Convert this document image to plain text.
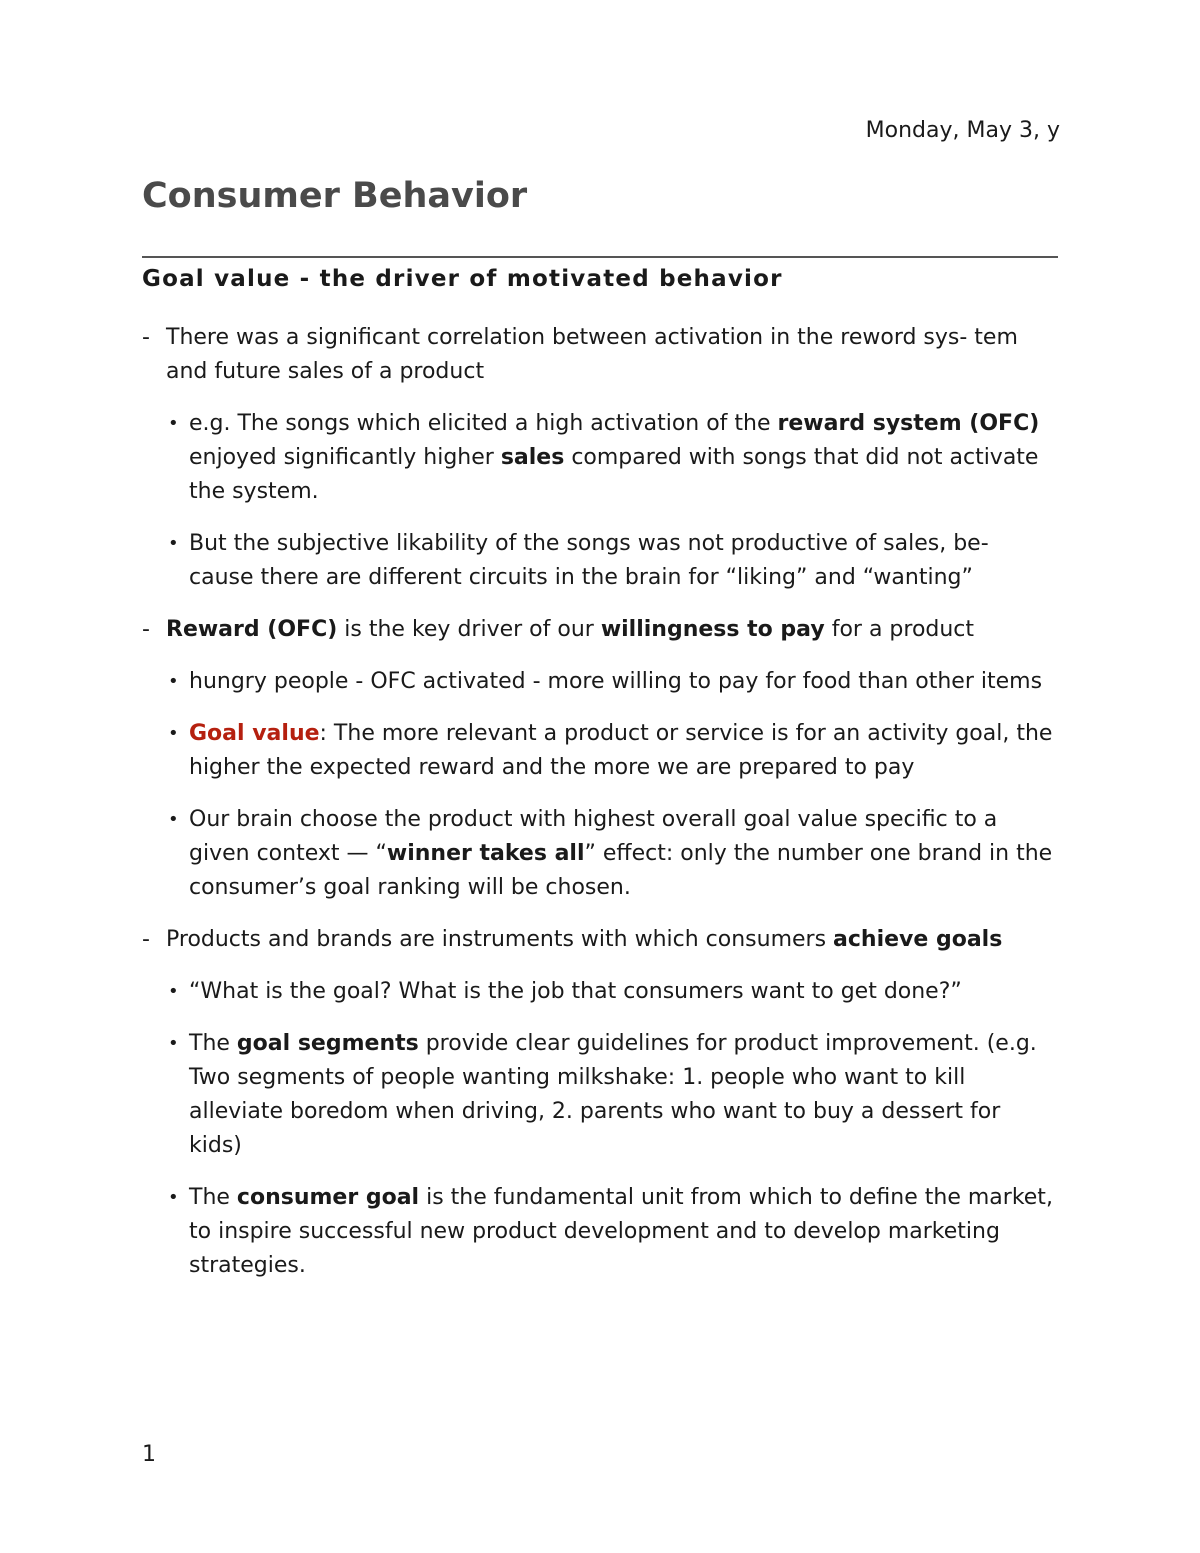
Monday, May 3, y
Consumer Behavior
Goal value - the driver of motivated behavior
- There was a significant correlation between activation in the reword sys- tem and future sales of a product
• e.g. The songs which elicited a high activation of the reward system (OFC) enjoyed significantly higher sales compared with songs that did not activate the system.
• But the subjective likability of the songs was not productive of sales, be- cause there are different circuits in the brain for “liking” and “wanting”
- Reward (OFC) is the key driver of our willingness to pay for a product
• hungry people - OFC activated - more willing to pay for food than other items
• Goal value: The more relevant a product or service is for an activity goal, the higher the expected reward and the more we are prepared to pay
• Our brain choose the product with highest overall goal value specific to a given context — “winner takes all” effect: only the number one brand in the consumer’s goal ranking will be chosen.
- Products and brands are instruments with which consumers achieve goals
• “What is the goal? What is the job that consumers want to get done?”
• The goal segments provide clear guidelines for product improvement. (e.g. Two segments of people wanting milkshake: 1. people who want to kill alleviate boredom when driving, 2. parents who want to buy a dessert for kids)
• The consumer goal is the fundamental unit from which to define the market, to inspire successful new product development and to develop marketing strategies.
1
